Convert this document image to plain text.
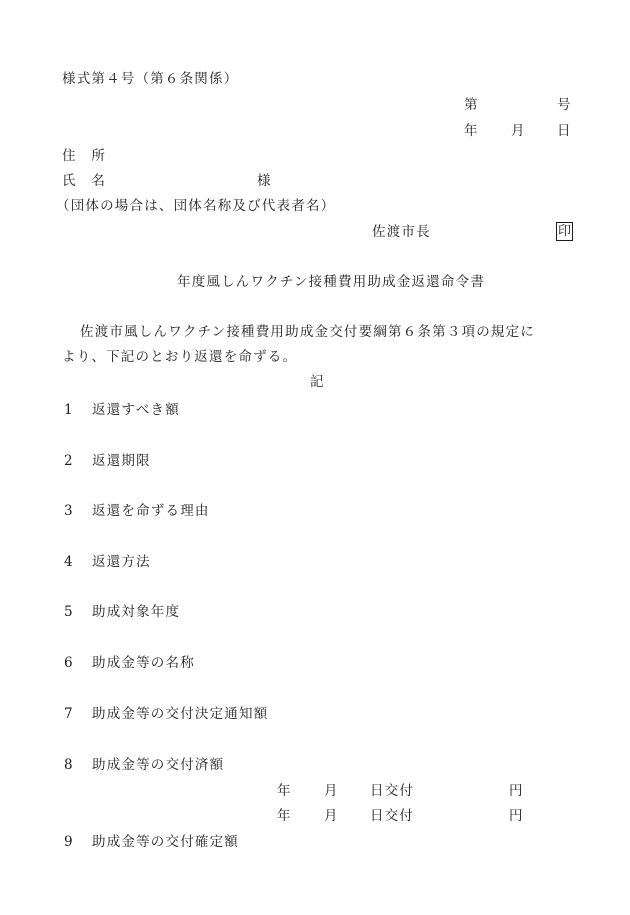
様式第４号（第６条関係）
第	号
年 月 日
住　所
氏　名	様
（団体の場合は、団体名称及び代表者名）
佐渡市長	印
年度風しんワクチン接種費用助成金返還命令書
佐渡市風しんワクチン接種費用助成金交付要綱第６条第３項の規定に
より、下記のとおり返還を命ずる。
記
1 返還すべき額
2 返還期限
3 返還を命ずる理由
4 返還方法
5 助成対象年度
6 助成金等の名称
7 助成金等の交付決定通知額
8 助成金等の交付済額
年 月 日交付	円
年 月 日交付	円
9 助成金等の交付確定額
